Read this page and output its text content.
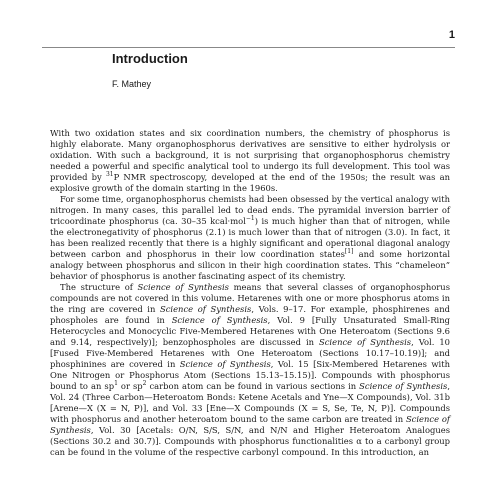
1
Introduction
F. Mathey

With two oxidation states and six coordination numbers, the chemistry of phosphorus is highly elaborate. Many organophosphorus derivatives are sensitive to either hydrolysis or oxidation. With such a background, it is not surprising that organophosphorus chemistry needed a powerful and specific analytical tool to undergo its full development. This tool was provided by $^{31}$P NMR spectroscopy, developed at the end of the 1950s; the result was an explosive growth of the domain starting in the 1960s.

For some time, organophosphorus chemists had been obsessed by the vertical analogy with nitrogen. In many cases, this parallel led to dead ends. The pyramidal inversion barrier of tricoordinate phosphorus (ca. 30–35 kcal·mol$^{-1}$) is much higher than that of nitrogen, while the electronegativity of phosphorus (2.1) is much lower than that of nitrogen (3.0). In fact, it has been realized recently that there is a highly significant and operational diagonal analogy between carbon and phosphorus in their low coordination states[1] and some horizontal analogy between phosphorus and silicon in their high coordination states. This “chameleon” behavior of phosphorus is another fascinating aspect of its chemistry.

The structure of Science of Synthesis means that several classes of organophosphorus compounds are not covered in this volume. Hetarenes with one or more phosphorus atoms in the ring are covered in Science of Synthesis, Vols. 9–17. For example, phosphirenes and phospholes are found in Science of Synthesis, Vol. 9 [Fully Unsaturated Small-Ring Heterocycles and Monocyclic Five-Membered Hetarenes with One Heteroatom (Sections 9.6 and 9.14, respectively)]; benzophospholes are discussed in Science of Synthesis, Vol. 10 [Fused Five-Membered Hetarenes with One Heteroatom (Sections 10.17–10.19)]; and phosphinines are covered in Science of Synthesis, Vol. 15 [Six-Membered Hetarenes with One Nitrogen or Phosphorus Atom (Sections 15.13–15.15)]. Compounds with phosphorus bound to an $sp^1$ or $sp^2$ carbon atom can be found in various sections in Science of Synthesis, Vol. 24 (Three Carbon—Heteroatom Bonds: Ketene Acetals and Yne—X Compounds), Vol. 31b [Arene—X (X = N, P)], and Vol. 33 [Ene—X Compounds (X = S, Se, Te, N, P)]. Compounds with phosphorus and another heteroatom bound to the same carbon are treated in Science of Synthesis, Vol. 30 [Acetals: O/N, S/S, S/N, and N/N and Higher Heteroatom Analogues (Sections 30.2 and 30.7)]. Compounds with phosphorus functionalities α to a carbonyl group can be found in the volume of the respective carbonyl compound. In this introduction, an
